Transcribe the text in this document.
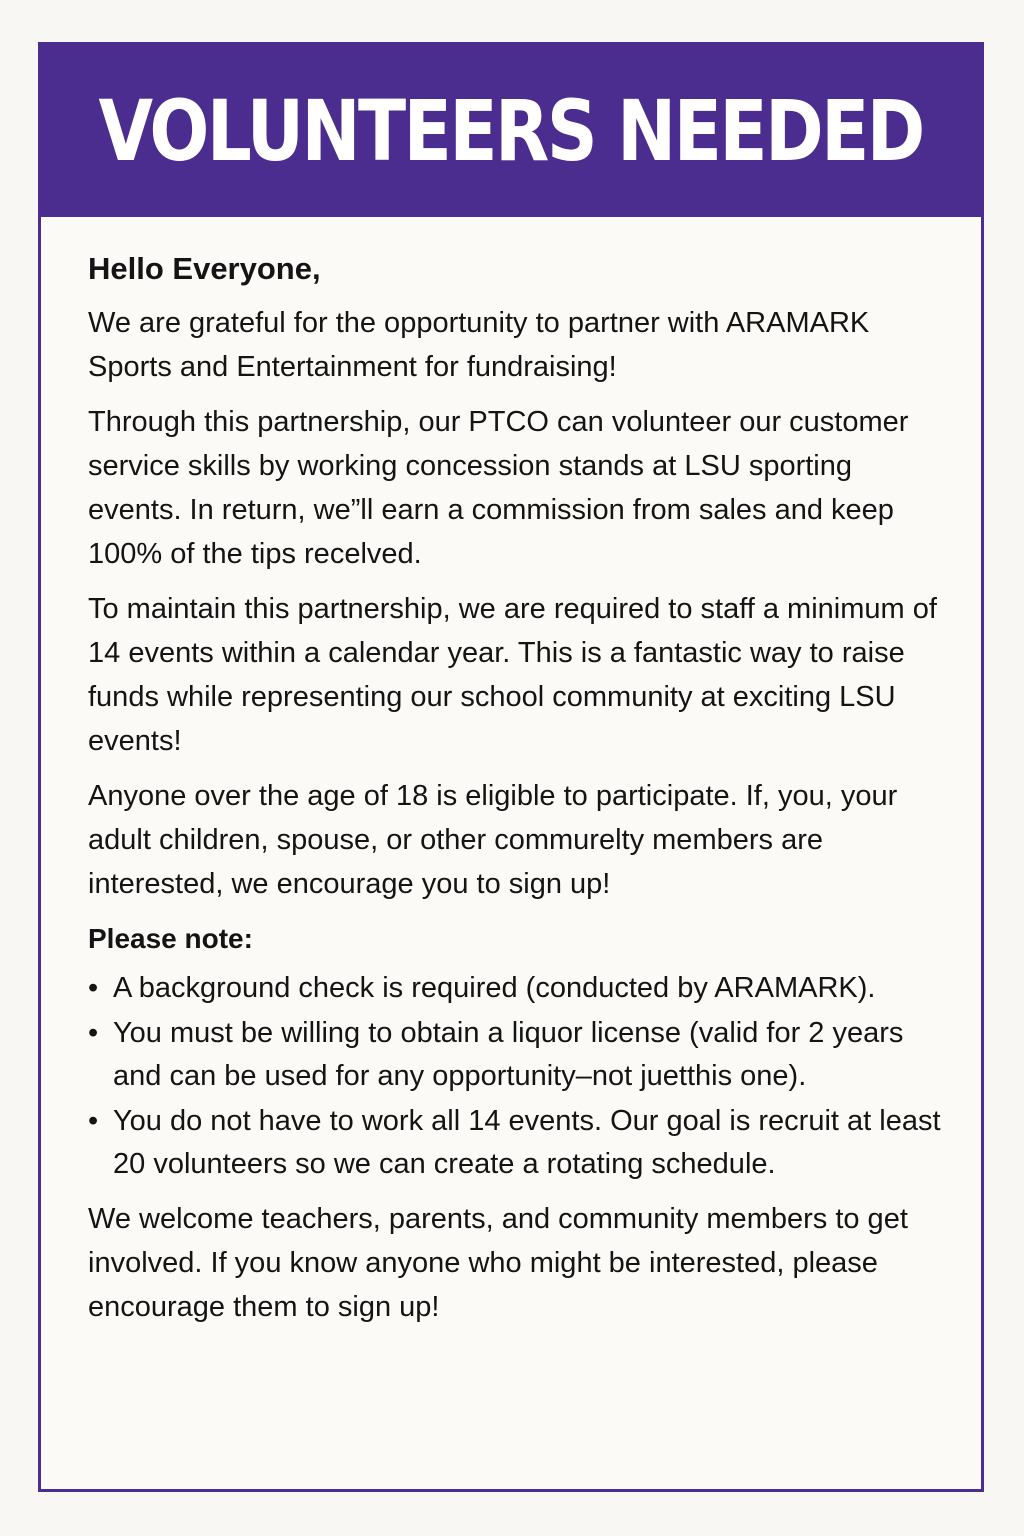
VOLUNTEERS NEEDED
Hello Everyone,

We are grateful for the opportunity to partner with ARAMARK Sports and Entertainment for fundraising!

Through this partnership, our PTCO can volunteer our customer service skills by working concession stands at LSU sporting events. In return, we”ll earn a commission from sales and keep 100% of the tips recelved.

To maintain this partnership, we are required to staff a minimum of 14 events within a calendar year. This is a fantastic way to raise funds while representing our school community at exciting LSU events!

Anyone over the age of 18 is eligible to participate. If, you, your adult children, spouse, or other commurelty members are interested, we encourage you to sign up!

Please note:
• A background check is required (conducted by ARAMARK).
• You must be willing to obtain a liquor license (valid for 2 years and can be used for any opportunity–not juetthis one).
• You do not have to work all 14 events. Our goal is recruit at least 20 volunteers so we can create a rotating schedule.

We welcome teachers, parents, and community members to get involved. If you know anyone who might be interested, please encourage them to sign up!
